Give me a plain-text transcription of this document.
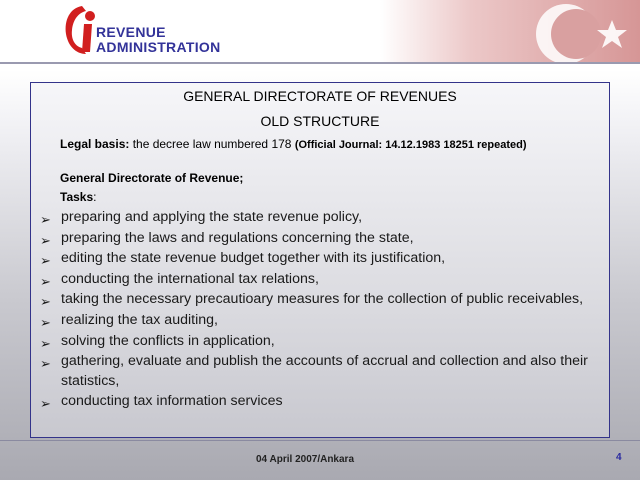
REVENUE
ADMINISTRATION
GENERAL DIRECTORATE OF REVENUES
OLD STRUCTURE
Legal basis: the decree law numbered 178 (Official Journal: 14.12.1983 18251 repeated)
General Directorate of Revenue;
Tasks:
➢ preparing and applying the state revenue policy,
➢ preparing the laws and regulations concerning the state,
➢ editing the state revenue budget together with its justification,
➢ conducting the international tax relations,
➢ taking the necessary precautioary measures for the collection of public receivables,
➢ realizing the tax auditing,
➢ solving the conflicts in application,
➢ gathering, evaluate and publish the accounts of accrual and collection and also their statistics,
➢ conducting tax information services
04 April 2007/Ankara	4
